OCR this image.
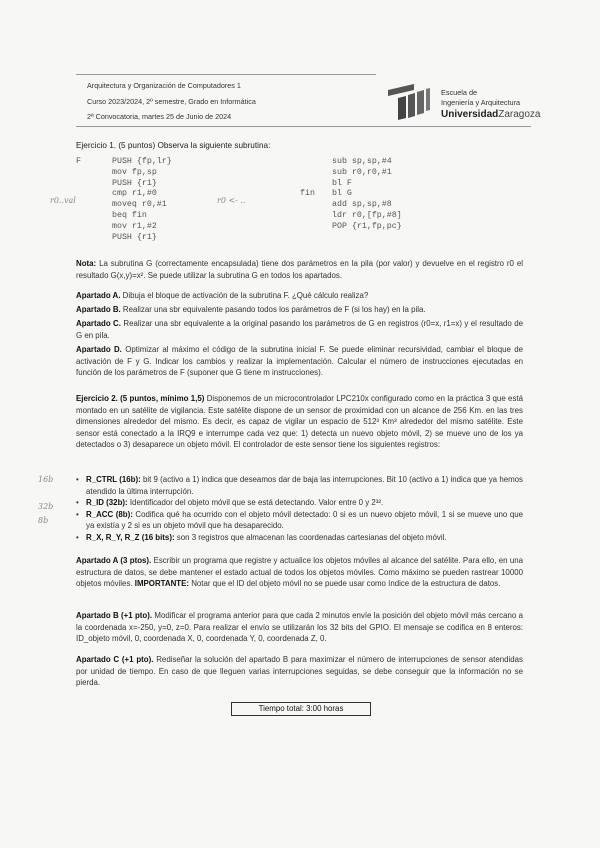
Arquitectura y Organización de Computadores 1
Curso 2023/2024, 2º semestre, Grado en Informática
2ª Convocatoria, martes 25 de Junio de 2024
Escuela de
Ingeniería y Arquitectura
UniversidadZaragoza
Ejercicio 1. (5 puntos) Observa la siguiente subrutina:
F	PUSH {fp,lr}
mov fp,sp
PUSH {r1}
cmp r1,#0
moveq r0,#1
beq fin
mov r1,#2
PUSH {r1}
sub sp,sp,#4
sub r0,r0,#1
bl F
bl G
add sp,sp,#8
ldr r0,[fp,#8]
POP {r1,fp,pc}
fin
r0..val	r0 <- ..
Nota: La subrutina G (correctamente encapsulada) tiene dos parámetros en la pila (por valor) y devuelve en el registro r0 el resultado G(x,y)=x². Se puede utilizar la subrutina G en todos los apartados.
Apartado A. Dibuja el bloque de activación de la subrutina F. ¿Qué cálculo realiza?
Apartado B. Realizar una sbr equivalente pasando todos los parámetros de F (si los hay) en la pila.
Apartado C. Realizar una sbr equivalente a la original pasando los parámetros de G en registros (r0=x, r1=x) y el resultado de G en pila.
Apartado D. Optimizar al máximo el código de la subrutina inicial F. Se puede eliminar recursividad, cambiar el bloque de activación de F y G. Indicar los cambios y realizar la implementación. Calcular el número de instrucciones ejecutadas en función de los parámetros de F (suponer que G tiene m instrucciones).
Ejercicio 2. (5 puntos, mínimo 1,5) Disponemos de un microcontrolador LPC210x configurado como en la práctica 3 que está montado en un satélite de vigilancia. Este satélite dispone de un sensor de proximidad con un alcance de 256 Km. en las tres dimensiones alrededor del mismo. Es decir, es capaz de vigilar un espacio de 512³ Km³ alrededor del mismo satélite. Este sensor está conectado a la IRQ9 e interrumpe cada vez que: 1) detecta un nuevo objeto móvil, 2) se mueve uno de los ya detectados o 3) desaparece un objeto móvil. El controlador de este sensor tiene los siguientes registros:
• R_CTRL (16b): bit 9 (activo a 1) indica que deseamos dar de baja las interrupciones. Bit 10 (activo a 1) indica que ya hemos atendido la última interrupción.
• R_ID (32b): Identificador del objeto móvil que se está detectando. Valor entre 0 y 2³².
• R_ACC (8b): Codifica qué ha ocurrido con el objeto móvil detectado: 0 si es un nuevo objeto móvil, 1 si se mueve uno que ya existía y 2 si es un objeto móvil que ha desaparecido.
• R_X, R_Y, R_Z (16 bits): son 3 registros que almacenan las coordenadas cartesianas del objeto móvil.
16b
32b
8b
Apartado A (3 ptos). Escribir un programa que registre y actualice los objetos móviles al alcance del satélite. Para ello, en una estructura de datos, se debe mantener el estado actual de todos los objetos móviles. Como máximo se pueden rastrear 10000 objetos móviles. IMPORTANTE: Notar que el ID del objeto móvil no se puede usar como índice de la estructura de datos.
Apartado B (+1 pto). Modificar el programa anterior para que cada 2 minutos envíe la posición del objeto móvil más cercano a la coordenada x=-250, y=0, z=0. Para realizar el envío se utilizarán los 32 bits del GPIO. El mensaje se codifica en 8 enteros: ID_objeto móvil, 0, coordenada X, 0, coordenada Y, 0, coordenada Z, 0.
Apartado C (+1 pto). Rediseñar la solución del apartado B para maximizar el número de interrupciones de sensor atendidas por unidad de tiempo. En caso de que lleguen varias interrupciones seguidas, se debe conseguir que la información no se pierda.
Tiempo total: 3:00 horas
